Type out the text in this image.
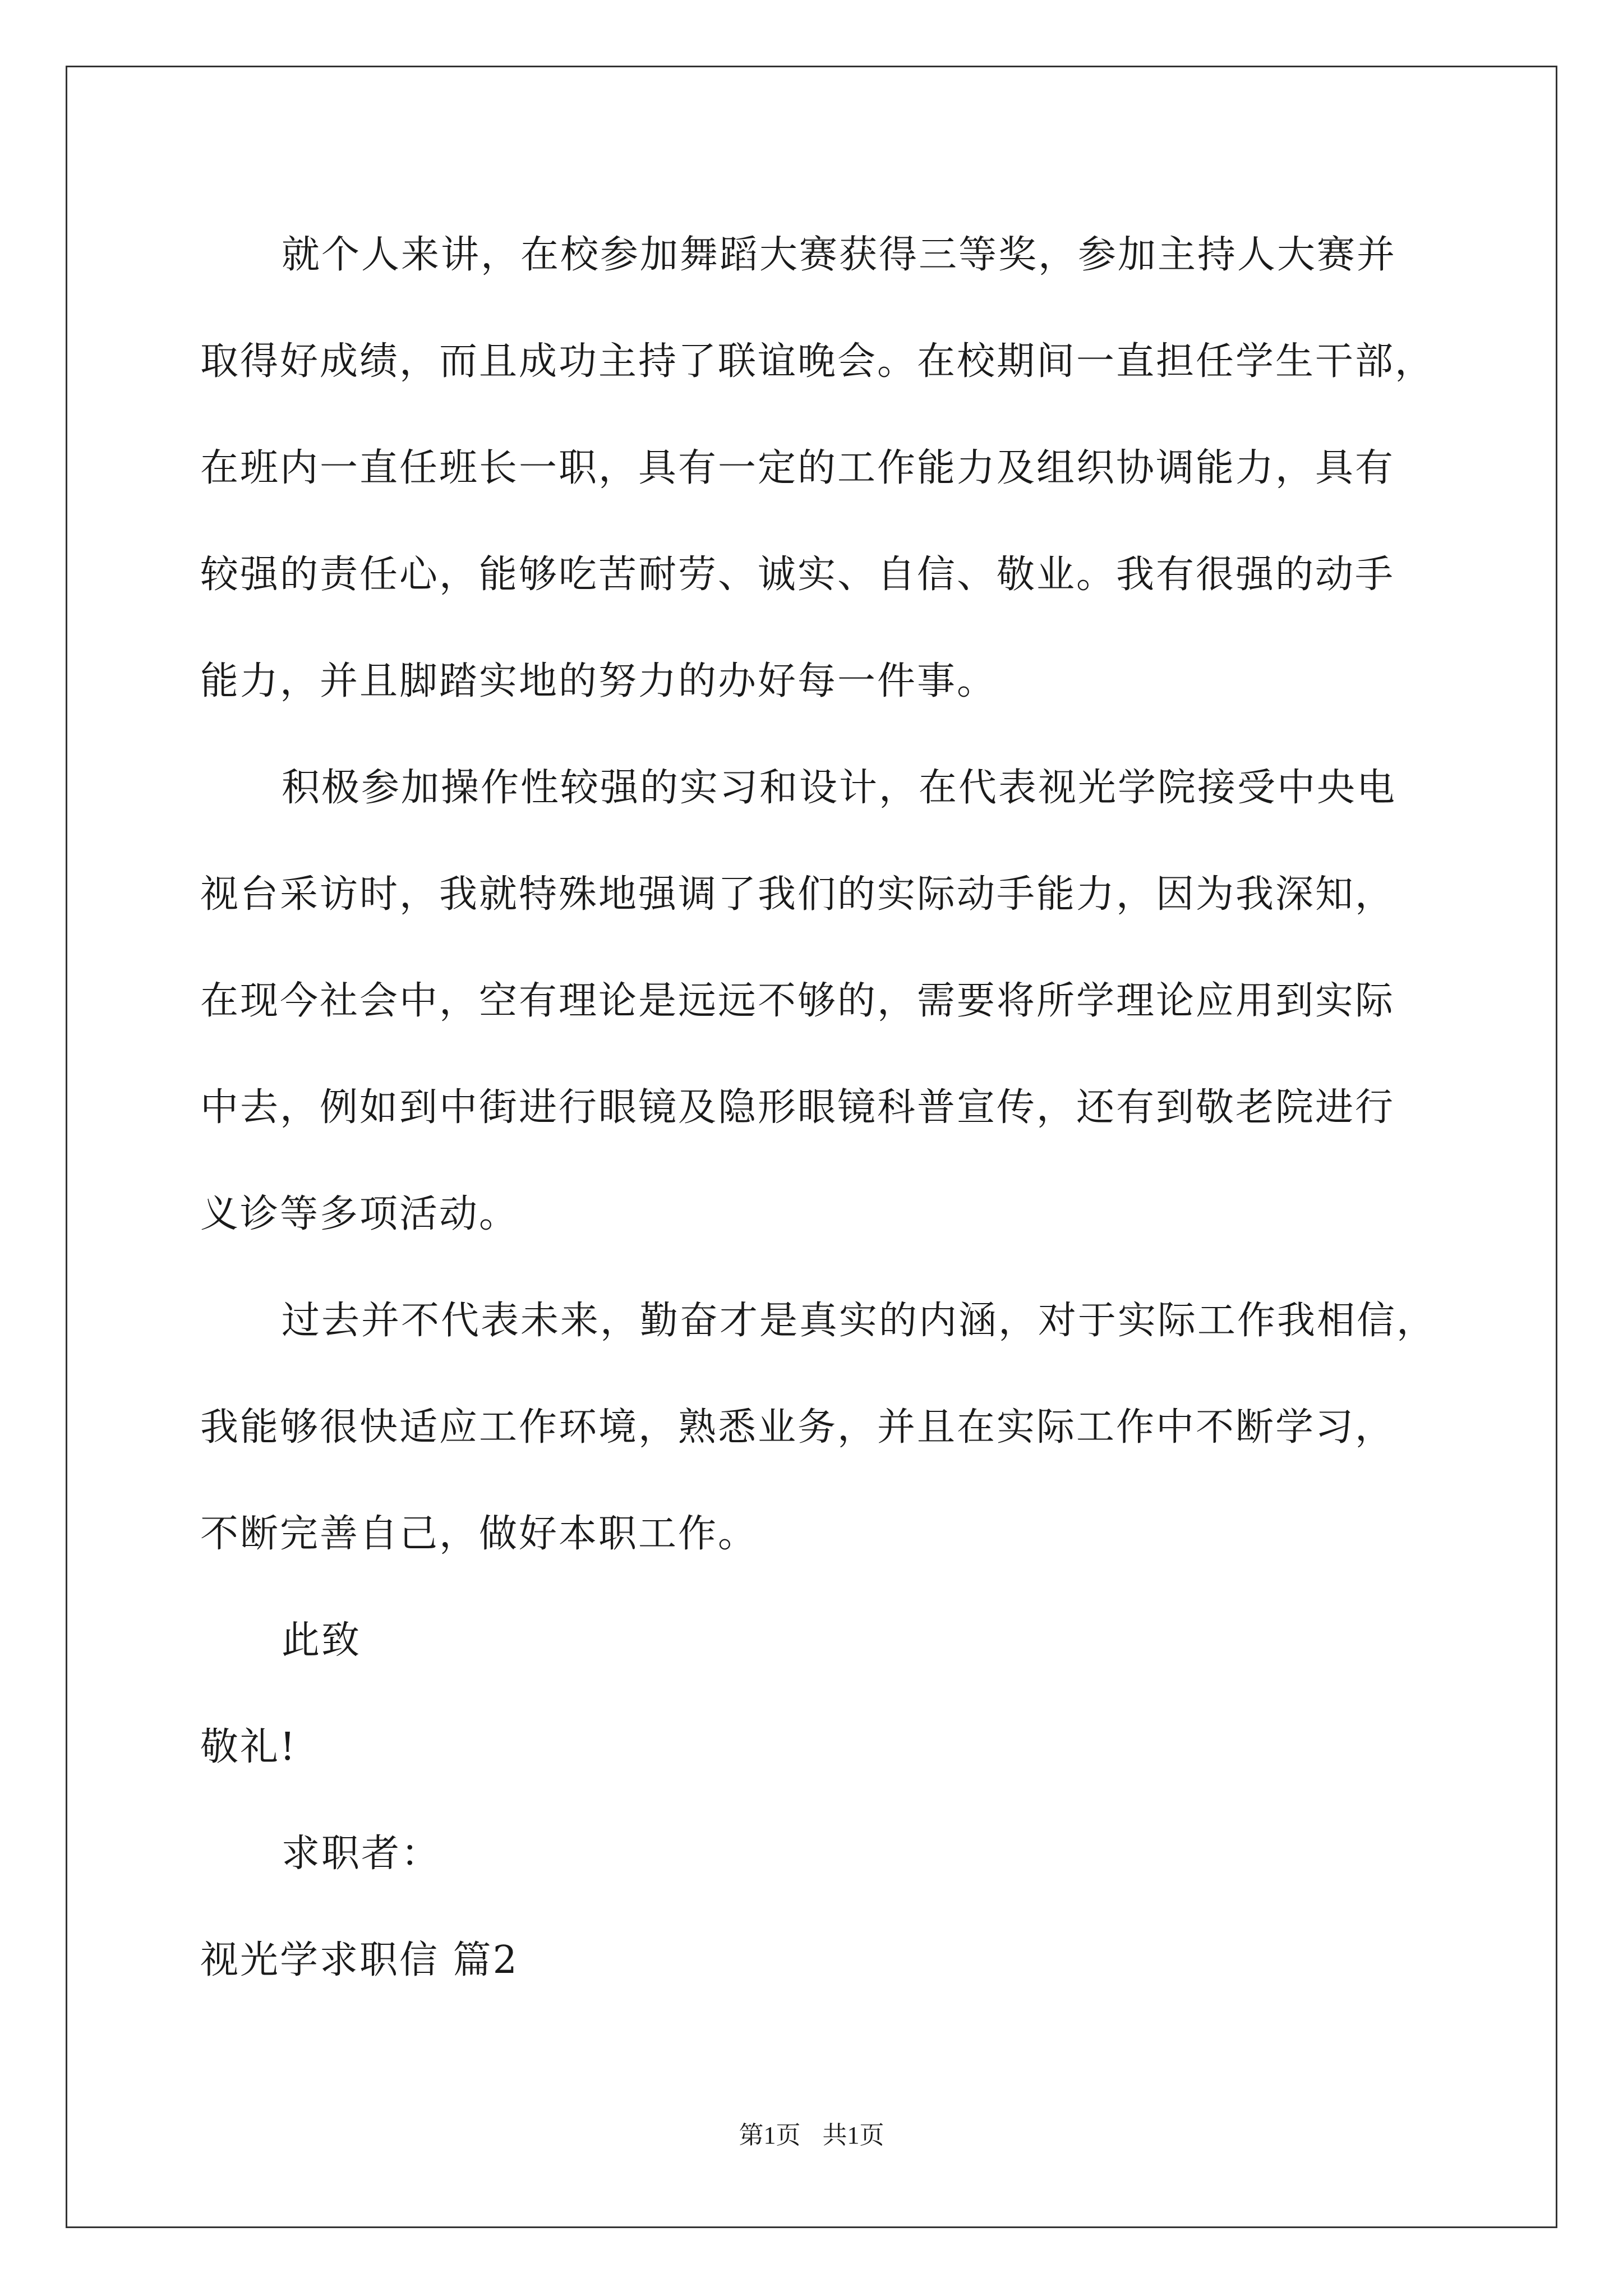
就个人来讲，在校参加舞蹈大赛获得三等奖，参加主持人大赛并
取得好成绩，而且成功主持了联谊晚会。在校期间一直担任学生干部，
在班内一直任班长一职，具有一定的工作能力及组织协调能力，具有
较强的责任心，能够吃苦耐劳、诚实、自信、敬业。我有很强的动手
能力，并且脚踏实地的努力的办好每一件事。
积极参加操作性较强的实习和设计，在代表视光学院接受中央电
视台采访时，我就特殊地强调了我们的实际动手能力，因为我深知，
在现今社会中，空有理论是远远不够的，需要将所学理论应用到实际
中去，例如到中街进行眼镜及隐形眼镜科普宣传，还有到敬老院进行
义诊等多项活动。
过去并不代表未来，勤奋才是真实的内涵，对于实际工作我相信，
我能够很快适应工作环境，熟悉业务，并且在实际工作中不断学习，
不断完善自己，做好本职工作。
此致
敬礼!
求职者：
视光学求职信 篇2
第1页 共1页
